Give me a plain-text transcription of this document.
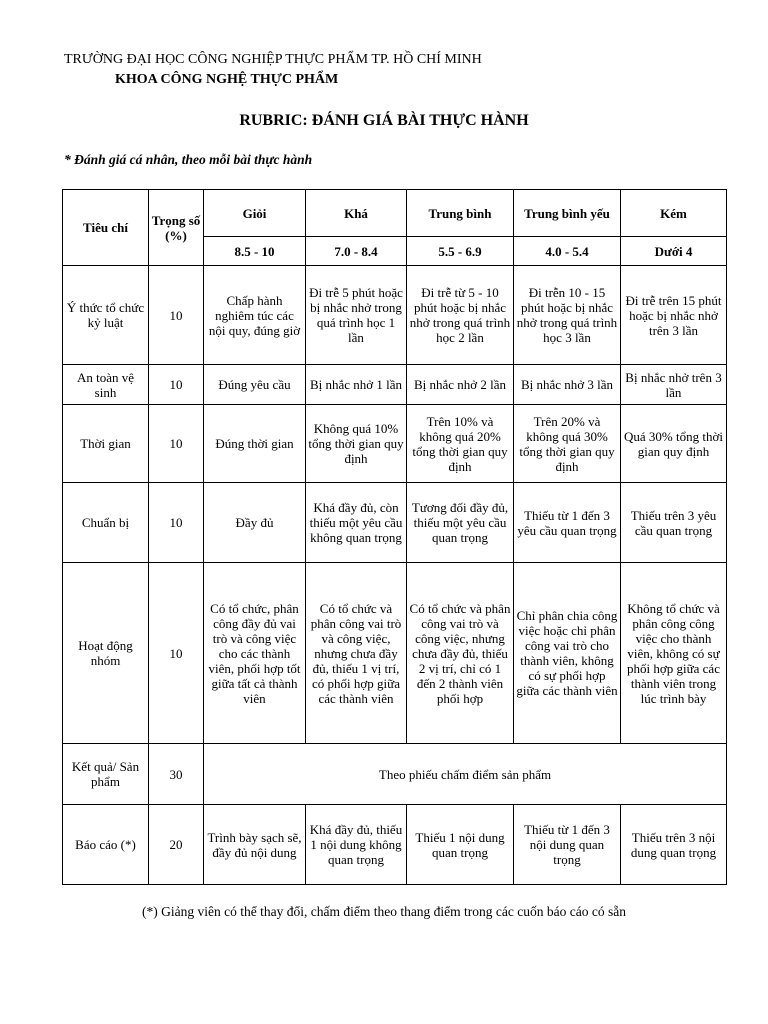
TRƯỜNG ĐẠI HỌC CÔNG NGHIỆP THỰC PHẨM TP. HỒ CHÍ MINH
KHOA CÔNG NGHỆ THỰC PHẨM
RUBRIC: ĐÁNH GIÁ BÀI THỰC HÀNH
* Đánh giá cá nhân, theo mỗi bài thực hành
Tiêu chí	Trọng số (%)	Giỏi	Khá	Trung bình	Trung bình yếu	Kém
		8.5 - 10	7.0 - 8.4	5.5 - 6.9	4.0 - 5.4	Dưới 4
Ý thức tổ chức kỷ luật	10	Chấp hành nghiêm túc các nội quy, đúng giờ	Đi trễ 5 phút hoặc bị nhắc nhở trong quá trình học 1 lần	Đi trễ từ 5 - 10 phút hoặc bị nhắc nhở trong quá trình học 2 lần	Đi trễn 10 - 15 phút hoặc bị nhắc nhở trong quá trình học 3 lần	Đi trễ trên 15 phút hoặc bị nhắc nhở trên 3 lần
An toàn vệ sinh	10	Đúng yêu cầu	Bị nhắc nhở 1 lần	Bị nhắc nhở 2 lần	Bị nhắc nhở 3 lần	Bị nhắc nhở trên 3 lần
Thời gian	10	Đúng thời gian	Không quá 10% tổng thời gian quy định	Trên 10% và không quá 20% tổng thời gian quy định	Trên 20% và không quá 30% tổng thời gian quy định	Quá 30% tổng thời gian quy định
Chuẩn bị	10	Đầy đủ	Khá đầy đủ, còn thiếu một yêu cầu không quan trọng	Tương đối đầy đủ, thiếu một yêu cầu quan trọng	Thiếu từ 1 đến 3 yêu cầu quan trọng	Thiếu trên 3 yêu cầu quan trọng
Hoạt động nhóm	10	Có tổ chức, phân công đầy đủ vai trò và công việc cho các thành viên, phối hợp tốt giữa tất cả thành viên	Có tổ chức và phân công vai trò và công việc, nhưng chưa đầy đủ, thiếu 1 vị trí, có phối hợp giữa các thành viên	Có tổ chức và phân công vai trò và công việc, nhưng chưa đầy đủ, thiếu 2 vị trí, chỉ có 1 đến 2 thành viên phối hợp	Chỉ phân chia công việc hoặc chỉ phân công vai trò cho thành viên, không có sự phối hợp giữa các thành viên	Không tổ chức và phân công công việc cho thành viên, không có sự phối hợp giữa các thành viên trong lúc trình bày
Kết quả/ Sản phẩm	30	Theo phiếu chấm điểm sản phẩm				
Báo cáo (*)	20	Trình bày sạch sẽ, đầy đủ nội dung	Khá đầy đủ, thiếu 1 nội dung không quan trọng	Thiếu 1 nội dung quan trọng	Thiếu từ 1 đến 3 nội dung quan trọng	Thiếu trên 3 nội dung quan trọng
(*) Giảng viên có thể thay đổi, chấm điểm theo thang điểm trong các cuốn báo cáo có sẵn
